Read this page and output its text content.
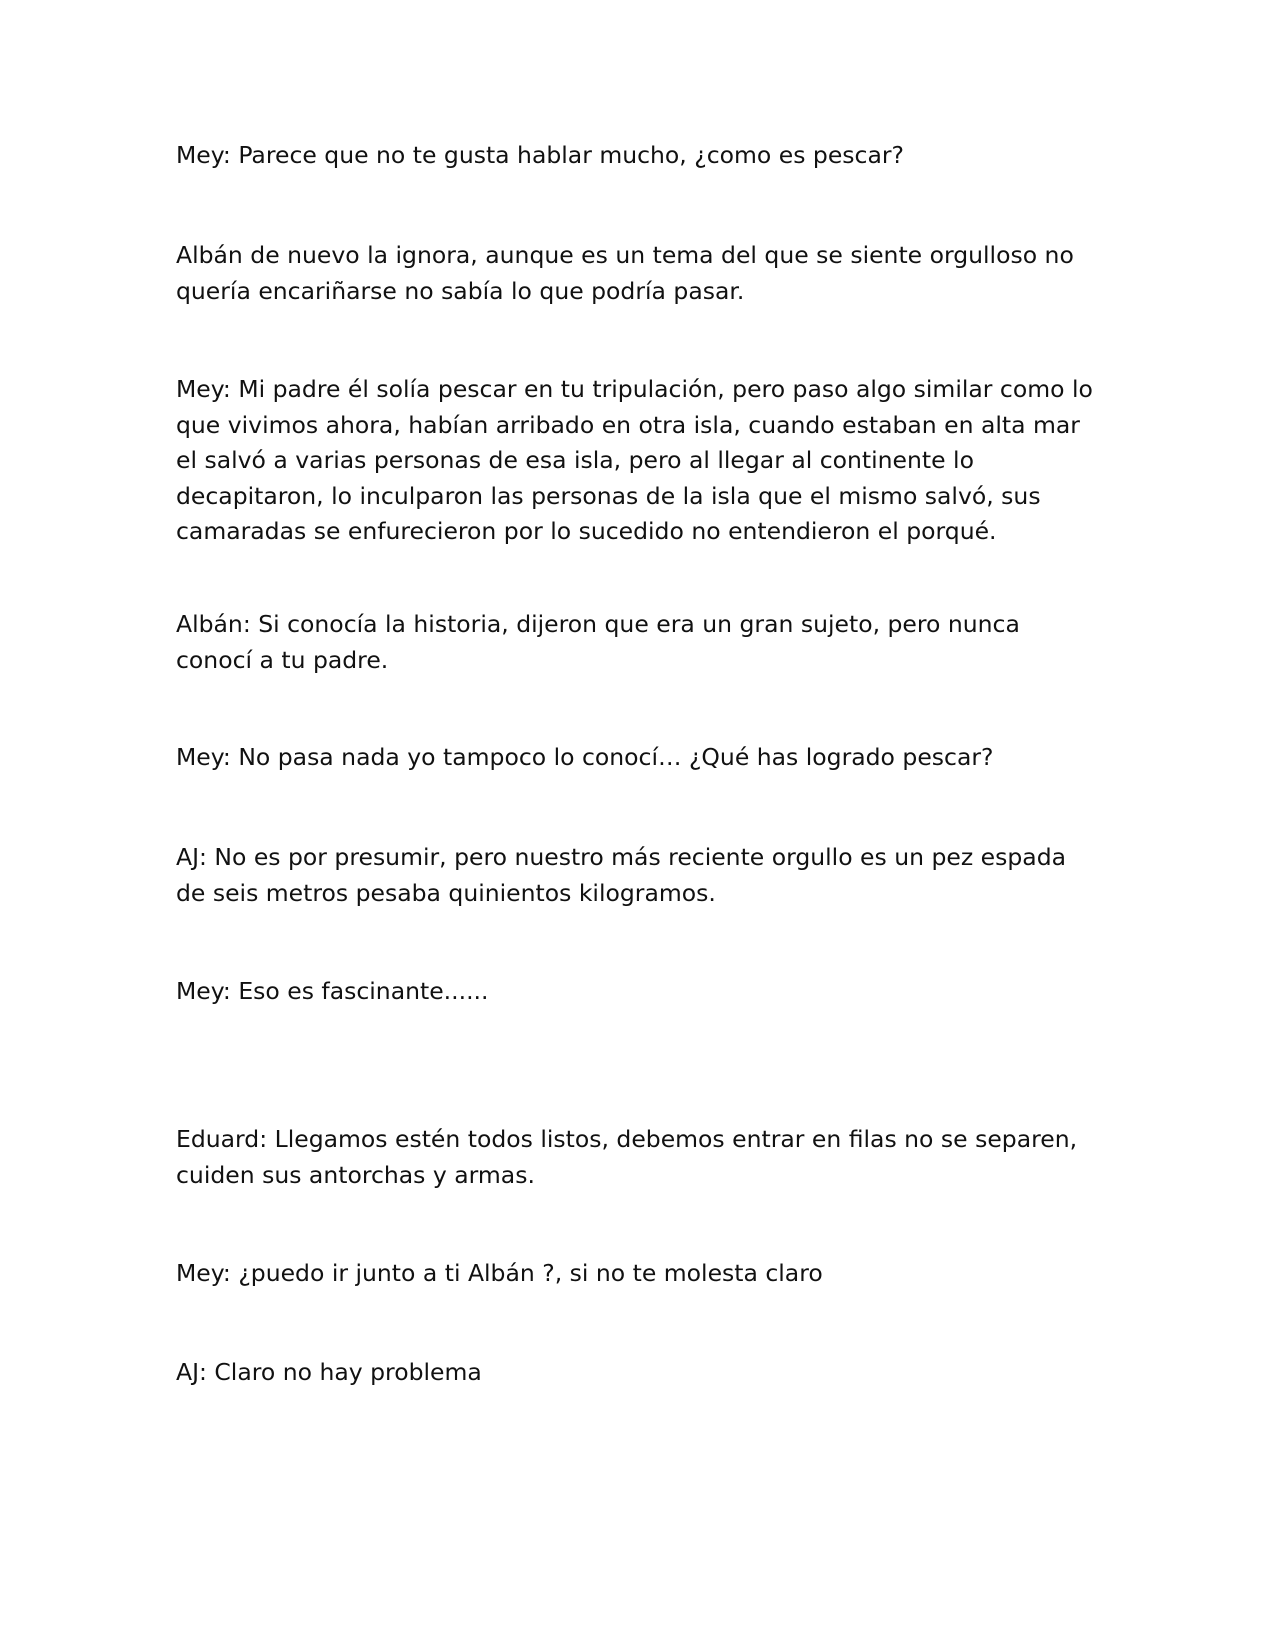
Mey: Parece que no te gusta hablar mucho, ¿como es pescar?

Albán de nuevo la ignora, aunque es un tema del que se siente orgulloso no quería encariñarse no sabía lo que podría pasar.

Mey: Mi padre él solía pescar en tu tripulación, pero paso algo similar como lo que vivimos ahora, habían arribado en otra isla, cuando estaban en alta mar el salvó a varias personas de esa isla, pero al llegar al continente lo decapitaron, lo inculparon las personas de la isla que el mismo salvó, sus camaradas se enfurecieron por lo sucedido no entendieron el porqué.

Albán: Si conocía la historia, dijeron que era un gran sujeto, pero nunca conocí a tu padre.

Mey: No pasa nada yo tampoco lo conocí… ¿Qué has logrado pescar?

AJ: No es por presumir, pero nuestro más reciente orgullo es un pez espada de seis metros pesaba quinientos kilogramos.

Mey: Eso es fascinante......

Eduard: Llegamos estén todos listos, debemos entrar en filas no se separen, cuiden sus antorchas y armas.

Mey: ¿puedo ir junto a ti Albán ?, si no te molesta claro

AJ: Claro no hay problema
